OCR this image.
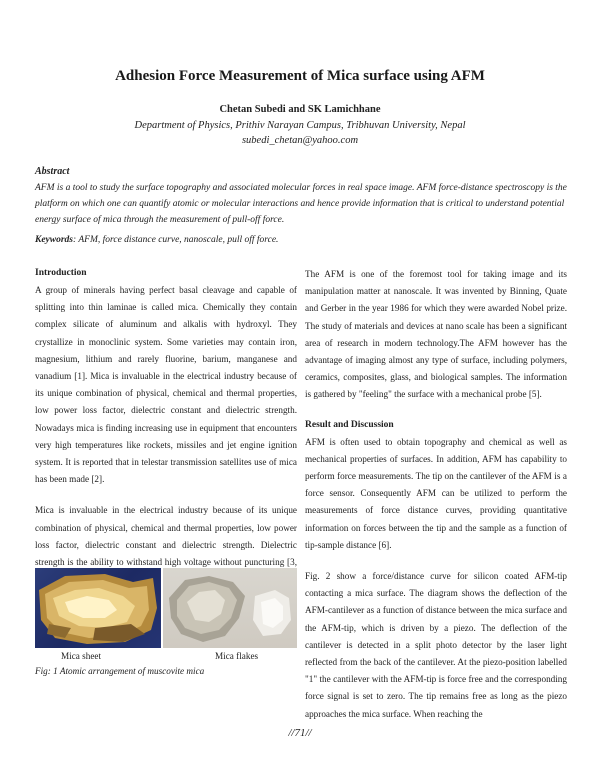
Adhesion Force Measurement of Mica surface using AFM
Chetan Subedi and SK Lamichhane
Department of Physics, Prithiv Narayan Campus, Tribhuvan University, Nepal
subedi_chetan@yahoo.com
Abstract
AFM is a tool to study the surface topography and associated molecular forces in real space image. AFM force-distance spectroscopy is the platform on which one can quantify atomic or molecular interactions and hence provide information that is critical to understand potential energy surface of mica through the measurement of pull-off force.
Keywords: AFM, force distance curve, nanoscale, pull off force.
Introduction

A group of minerals having perfect basal cleavage and capable of splitting into thin laminae is called mica. Chemically they contain complex silicate of aluminum and alkalis with hydroxyl. They crystallize in monoclinic system. Some varieties may contain iron, magnesium, lithium and rarely fluorine, barium, manganese and vanadium [1]. Mica is invaluable in the electrical industry because of its unique combination of physical, chemical and thermal properties, low power loss factor, dielectric constant and dielectric strength. Nowadays mica is finding increasing use in equipment that encounters very high temperatures like rockets, missiles and jet engine ignition system. It is reported that in telestar transmission satellites use of mica has been made [2].

Mica is invaluable in the electrical industry because of its unique combination of physical, chemical and thermal properties, low power loss factor, dielectric constant and dielectric strength. Dielectric strength is the ability to withstand high voltage without puncturing [3,

Mica sheet	Mica flakes
Fig: 1 Atomic arrangement of muscovite mica

The AFM is one of the foremost tool for taking image and its manipulation matter at nanoscale. It was invented by Binning, Quate and Gerber in the year 1986 for which they were awarded Nobel prize. The study of materials and devices at nano scale has been a significant area of research in modern technology.The AFM however has the advantage of imaging almost any type of surface, including polymers, ceramics, composites, glass, and biological samples. The information is gathered by "feeling" the surface with a mechanical probe [5].

Result and Discussion

AFM is often used to obtain topography and chemical as well as mechanical properties of surfaces. In addition, AFM has capability to perform force measurements. The tip on the cantilever of the AFM is a force sensor. Consequently AFM can be utilized to perform the measurements of force distance curves, providing quantitative information on forces between the tip and the sample as a function of tip-sample distance [6].

Fig. 2 show a force/distance curve for silicon coated AFM-tip contacting a mica surface. The diagram shows the deflection of the AFM-cantilever as a function of distance between the mica surface and the AFM-tip, which is driven by a piezo. The deflection of the cantilever is detected in a split photo detector by the laser light reflected from the back of the cantilever. At the piezo-position labelled "1" the cantilever with the AFM-tip is force free and the corresponding force signal is set to zero. The tip remains free as long as the piezo approaches the mica surface. When reaching the

//71//
